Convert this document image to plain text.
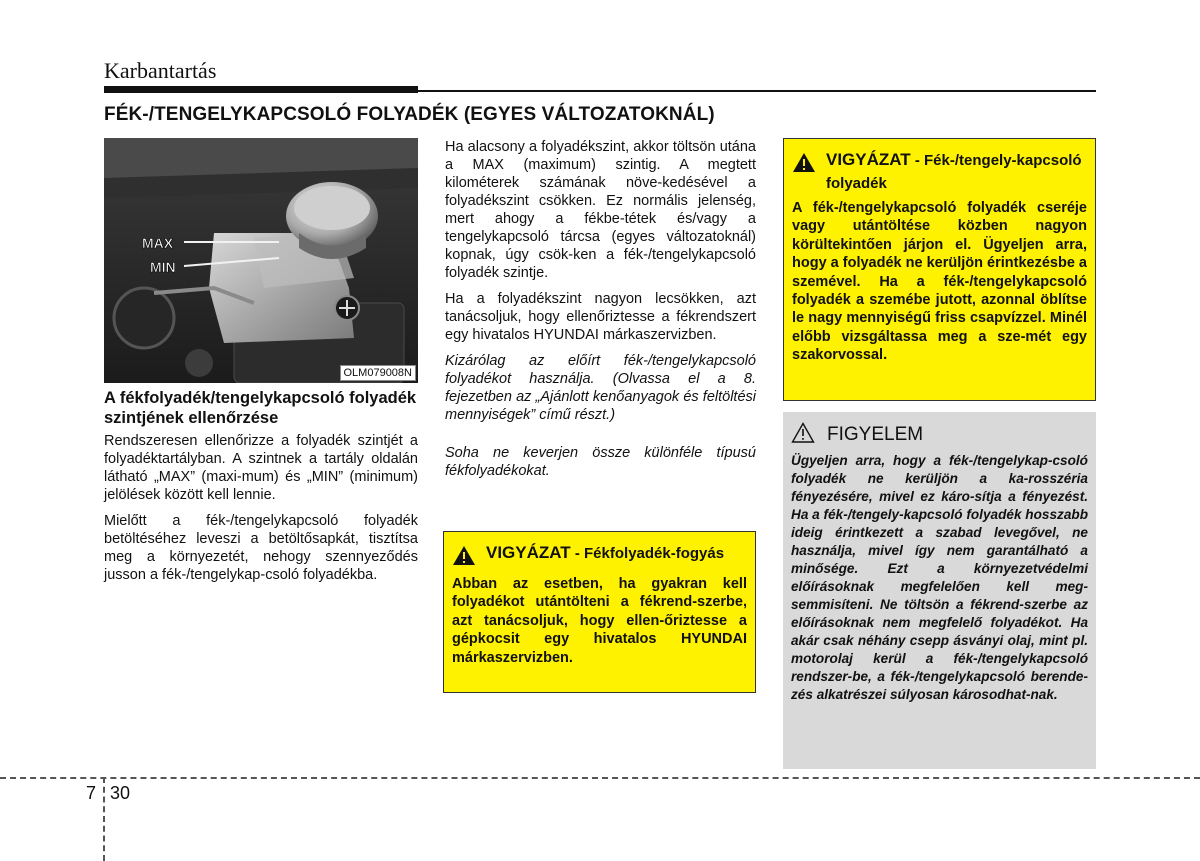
Karbantartás
FÉK-/TENGELYKAPCSOLÓ FOLYADÉK (EGYES VÁLTOZATOKNÁL)
MAX
MIN
OLM079008N
A fékfolyadék/tengelykapcsoló folyadék szintjének ellenőrzése
Rendszeresen ellenőrizze a folyadék szintjét a folyadéktartályban. A szintnek a tartály oldalán látható „MAX” (maxi-mum) és „MIN” (minimum) jelölések között kell lennie.
Mielőtt a fék-/tengelykapcsoló folyadék betöltéséhez leveszi a betöltősapkát, tisztítsa meg a környezetét, nehogy szennyeződés jusson a fék-/tengelykap-csoló folyadékba.
Ha alacsony a folyadékszint, akkor töltsön utána a MAX (maximum) szintig. A megtett kilométerek számának növe-kedésével a folyadékszint csökken. Ez normális jelenség, mert ahogy a fékbe-tétek és/vagy a tengelykapcsoló tárcsa (egyes változatoknál) kopnak, úgy csök-ken a fék-/tengelykapcsoló folyadék szintje.
Ha a folyadékszint nagyon lecsökken, azt tanácsoljuk, hogy ellenőriztesse a fékrendszert egy hivatalos HYUNDAI márkaszervizben.
Kizárólag az előírt fék-/tengelykapcsoló folyadékot használja. (Olvassa el a 8. fejezetben az „Ajánlott kenőanyagok és feltöltési mennyiségek” című részt.)
Soha ne keverjen össze különféle típusú fékfolyadékokat.
VIGYÁZAT - Fékfolyadék-fogyás
Abban az esetben, ha gyakran kell folyadékot utántölteni a fékrend-szerbe, azt tanácsoljuk, hogy ellen-őriztesse a gépkocsit egy hivatalos HYUNDAI márkaszervizben.
VIGYÁZAT - Fék-/tengely-kapcsoló folyadék
A fék-/tengelykapcsoló folyadék cseréje vagy utántöltése közben nagyon körültekintően járjon el. Ügyeljen arra, hogy a folyadék ne kerüljön érintkezésbe a szemével. Ha a fék-/tengelykapcsoló folyadék a szemébe jutott, azonnal öblítse le nagy mennyiségű friss csapvízzel. Minél előbb vizsgáltassa meg a sze-mét egy szakorvossal.
FIGYELEM
Ügyeljen arra, hogy a fék-/tengelykap-csoló folyadék ne kerüljön a ka-rosszéria fényezésére, mivel ez káro-sítja a fényezést. Ha a fék-/tengely-kapcsoló folyadék hosszabb ideig érintkezett a szabad levegővel, ne használja, mivel így nem garantálható a minősége. Ezt a környezetvédelmi előírásoknak megfelelően kell meg-semmisíteni. Ne töltsön a fékrend-szerbe az előírásoknak nem megfelelő folyadékot. Ha akár csak néhány csepp ásványi olaj, mint pl. motorolaj kerül a fék-/tengelykapcsoló rendszer-be, a fék-/tengelykapcsoló berende-zés alkatrészei súlyosan károsodhat-nak.
7 30
